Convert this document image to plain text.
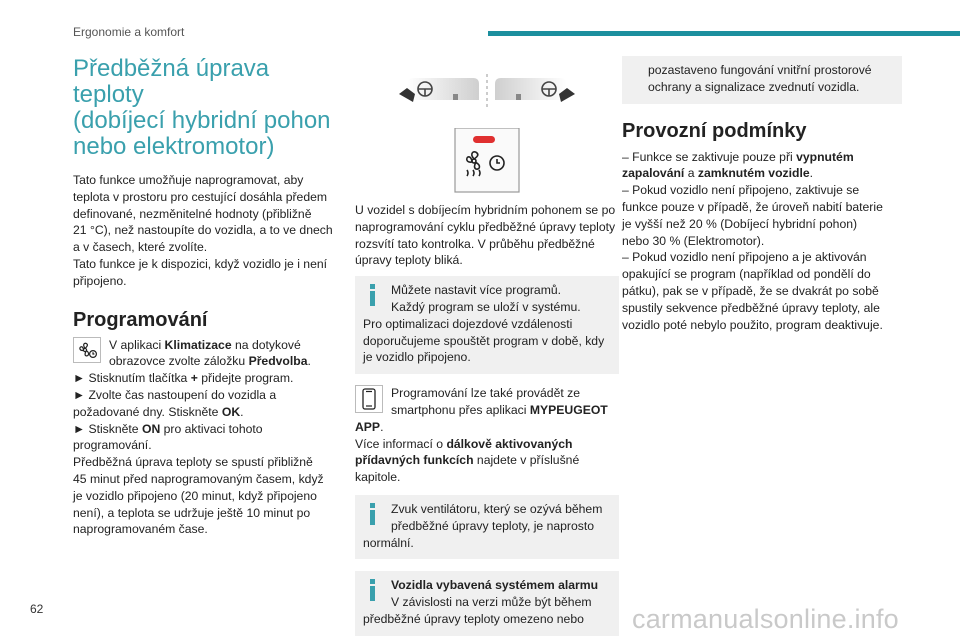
Ergonomie a komfort
62	carmanualsonline.info
Předběžná úprava teploty
(dobíjecí hybridní pohon
nebo elektromotor)
Tato funkce umožňuje naprogramovat, aby
teplota v prostoru pro cestující dosáhla předem
definované, nezměnitelné hodnoty (přibližně
21 °C), než nastoupíte do vozidla, a to ve dnech
a v časech, které zvolíte.
Tato funkce je k dispozici, když vozidlo je i není
připojeno.
Programování
V aplikaci Klimatizace na dotykové
obrazovce zvolte záložku Předvolba.
► Stisknutím tlačítka + přidejte program.
► Zvolte čas nastoupení do vozidla a
požadované dny. Stiskněte OK.
► Stiskněte ON pro aktivaci tohoto
programování.
Předběžná úprava teploty se spustí přibližně
45 minut před naprogramovaným časem, když
je vozidlo připojeno (20 minut, když připojeno
není), a teplota se udržuje ještě 10 minut po
naprogramovaném čase.
U vozidel s dobíjecím hybridním pohonem se po
naprogramování cyklu předběžné úpravy teploty
rozsvítí tato kontrolka. V průběhu předběžné
úpravy teploty bliká.
Můžete nastavit více programů.
Každý program se uloží v systému.
Pro optimalizaci dojezdové vzdálenosti
doporučujeme spouštět program v době, kdy
je vozidlo připojeno.
Programování lze také provádět ze
smartphonu přes aplikaci MYPEUGEOT
APP.
Více informací o dálkově aktivovaných
přídavných funkcích najdete v příslušné
kapitole.
Zvuk ventilátoru, který se ozývá během
předběžné úpravy teploty, je naprosto
normální.
Vozidla vybavená systémem alarmu
V závislosti na verzi může být během
předběžné úpravy teploty omezeno nebo
pozastaveno fungování vnitřní prostorové
ochrany a signalizace zvednutí vozidla.
Provozní podmínky
– Funkce se zaktivuje pouze při vypnutém
zapalování a zamknutém vozidle.
– Pokud vozidlo není připojeno, zaktivuje se
funkce pouze v případě, že úroveň nabití baterie
je vyšší než 20 % (Dobíjecí hybridní pohon)
nebo 30 % (Elektromotor).
– Pokud vozidlo není připojeno a je aktivován
opakující se program (například od pondělí do
pátku), pak se v případě, že se dvakrát po sobě
spustily sekvence předběžné úpravy teploty, ale
vozidlo poté nebylo použito, program deaktivuje.
